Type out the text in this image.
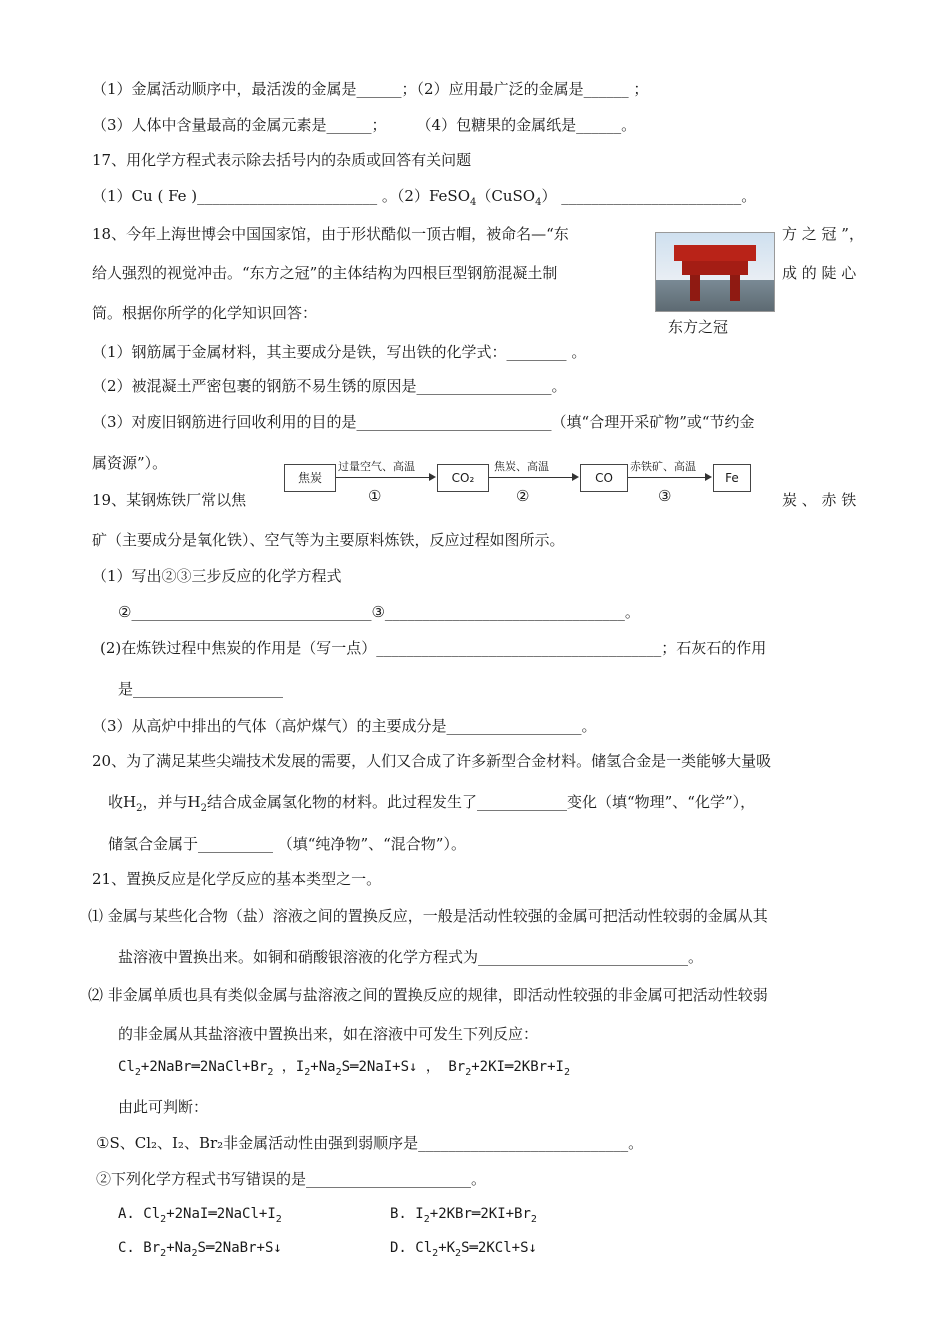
（1）金属活动顺序中，最活泼的金属是______；（2）应用最广泛的金属是______ ；
（3）人体中含量最高的金属元素是______；　　　（4）包糖果的金属纸是______。
17、用化学方程式表示除去括号内的杂质或回答有关问题
18、今年上海世博会中国国家馆，由于形状酷似一顶古帽，被命名—“东	方 之 冠 ”，
给人强烈的视觉冲击。“东方之冠”的主体结构为四根巨型钢筋混凝土制	成 的 陡 心
筒。根据你所学的化学知识回答：
（1）钢筋属于金属材料，其主要成分是铁，写出铁的化学式：________ 。
（2）被混凝土严密包裹的钢筋不易生锈的原因是__________________。
（3）对废旧钢筋进行回收利用的目的是__________________________（填“合理开采矿物”或“节约金
属资源”）。
19、某钢炼铁厂常以焦	炭 、 赤 铁
矿（主要成分是氧化铁）、空气等为主要原料炼铁，反应过程如图所示。
（1）写出②③三步反应的化学方程式
②________________________________③________________________________。
(2)在炼铁过程中焦炭的作用是（写一点）______________________________________；石灰石的作用
是____________________
（3）从高炉中排出的气体（高炉煤气）的主要成分是__________________。
20、为了满足某些尖端技术发展的需要，人们又合成了许多新型合金材料。储氢合金是一类能够大量吸
储氢合金属于__________ （填“纯净物”、“混合物”）。
21、置换反应是化学反应的基本类型之一。
⑴ 金属与某些化合物（盐）溶液之间的置换反应，一般是活动性较强的金属可把活动性较弱的金属从其
盐溶液中置换出来。如铜和硝酸银溶液的化学方程式为____________________________。
⑵ 非金属单质也具有类似金属与盐溶液之间的置换反应的规律，即活动性较强的非金属可把活动性较弱
的非金属从其盐溶液中置换出来，如在溶液中可发生下列反应：
由此可判断：
①S、Cl₂、I₂、Br₂非金属活动性由强到弱顺序是____________________________。
②下列化学方程式书写错误的是______________________。
（1）Cu ( Fe )________________________ 。（2）FeSO$_4$（CuSO$_4$） ________________________。
收$H_2$，并与$H_2$结合成金属氢化物的材料。此过程发生了____________变化（填“物理”、“化学”），
$Cl_2+2NaBr═2NaCl+Br_2$ ，$I_2+Na_2S═2NaI+S↓$ ， $Br_2+2KI═2KBr+I_2$
A. $Cl_2+2NaI═2NaCl+I_2$	B. $I_2+2KBr═2KI+Br_2$
C. $Br_2+Na_2S═2NaBr+S↓$	D. $Cl_2+K_2S═2KCl+S↓$
东方之冠
焦炭
过量空气、高温
①
CO₂
焦炭、高温
②
CO
赤铁矿、高温
③
Fe
